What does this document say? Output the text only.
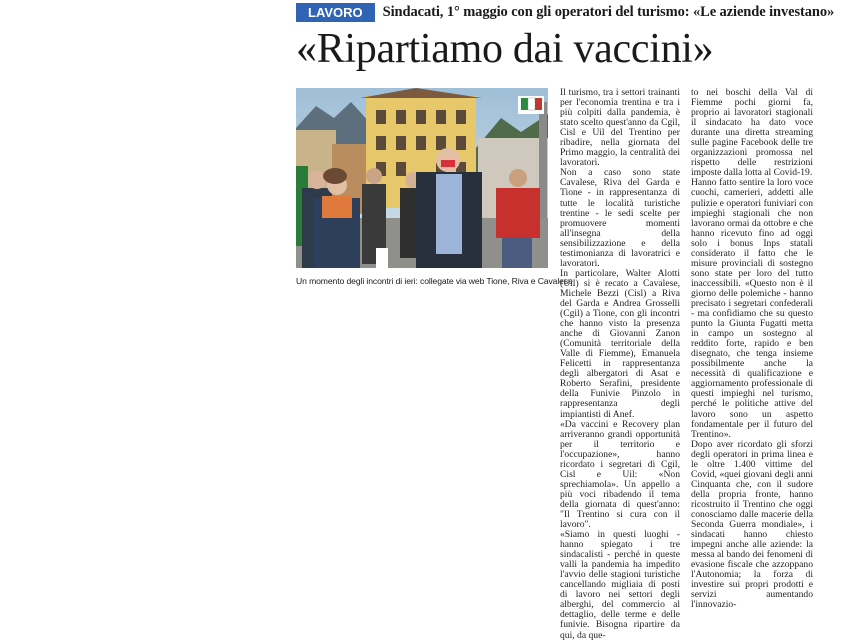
LAVORO	Sindacati, 1° maggio con gli operatori del turismo: «Le aziende investano»
«Ripartiamo dai vaccini»
Un momento degli incontri di ieri: collegate via web Tione, Riva e Cavalese

Il turismo, tra i settori trainanti per l'economia trentina e tra i più colpiti dalla pandemia, è stato scelto quest'anno da Cgil, Cisl e Uil del Trentino per ribadire, nella giornata del Primo maggio, la centralità dei lavoratori.

Non a caso sono state Cavalese, Riva del Garda e Tione - in rappresentanza di tutte le località turistiche trentine - le sedi scelte per promuovere momenti all'insegna della sensibilizzazione e della testimonianza di lavoratrici e lavoratori.

In particolare, Walter Alotti (Uil) si è recato a Cavalese, Michele Bezzi (Cisl) a Riva del Garda e Andrea Grosselli (Cgil) a Tione, con gli incontri che hanno visto la presenza anche di Giovanni Zanon (Comunità territoriale della Valle di Fiemme), Emanuela Felicetti in rappresentanza degli albergatori di Asat e Roberto Serafini, presidente della Funivie Pinzolo in rappresentanza degli impiantisti di Anef.

«Da vaccini e Recovery plan arriveranno grandi opportunità per il territorio e l'occupazione», hanno ricordato i segretari di Cgil, Cisl e Uil: «Non sprechiamola». Un appello a più voci ribadendo il tema della giornata di quest'anno: "Il Trentino si cura con il lavoro".

«Siamo in questi luoghi - hanno spiegato i tre sindacalisti - perché in queste valli la pandemia ha impedito l'avvio delle stagioni turistiche cancellando migliaia di posti di lavoro nei settori degli alberghi, del commercio al dettaglio, delle terme e delle funivie. Bisogna ripartire da qui, da que-

to nei boschi della Val di Fiemme pochi giorni fa, proprio ai lavoratori stagionali il sindacato ha dato voce durante una diretta streaming sulle pagine Facebook delle tre organizzazioni promossa nel rispetto delle restrizioni imposte dalla lotta al Covid-19.

Hanno fatto sentire la loro voce cuochi, camerieri, addetti alle pulizie e operatori funiviari con impieghi stagionali che non lavorano ormai da ottobre e che hanno ricevuto fino ad oggi solo i bonus Inps statali considerato il fatto che le misure provinciali di sostegno sono state per loro del tutto inaccessibili. «Questo non è il giorno delle polemiche - hanno precisato i segretari confederali - ma confidiamo che su questo punto la Giunta Fugatti metta in campo un sostegno al reddito forte, rapido e ben disegnato, che tenga insieme possibilmente anche la necessità di qualificazione e aggiornamento professionale di questi impieghi nel turismo, perché le politiche attive del lavoro sono un aspetto fondamentale per il futuro del Trentino».

Dopo aver ricordato gli sforzi degli operatori in prima linea e le oltre 1.400 vittime del Covid, «quei giovani degli anni Cinquanta che, con il sudore della propria fronte, hanno ricostruito il Trentino che oggi conosciamo dalle macerie della Seconda Guerra mondiale», i sindacati hanno chiesto impegni anche alle aziende: la messa al bando dei fenomeni di evasione fiscale che azzoppano l'Autonomia; la forza di investire sui propri prodotti e servizi aumentando l'innovazio-
